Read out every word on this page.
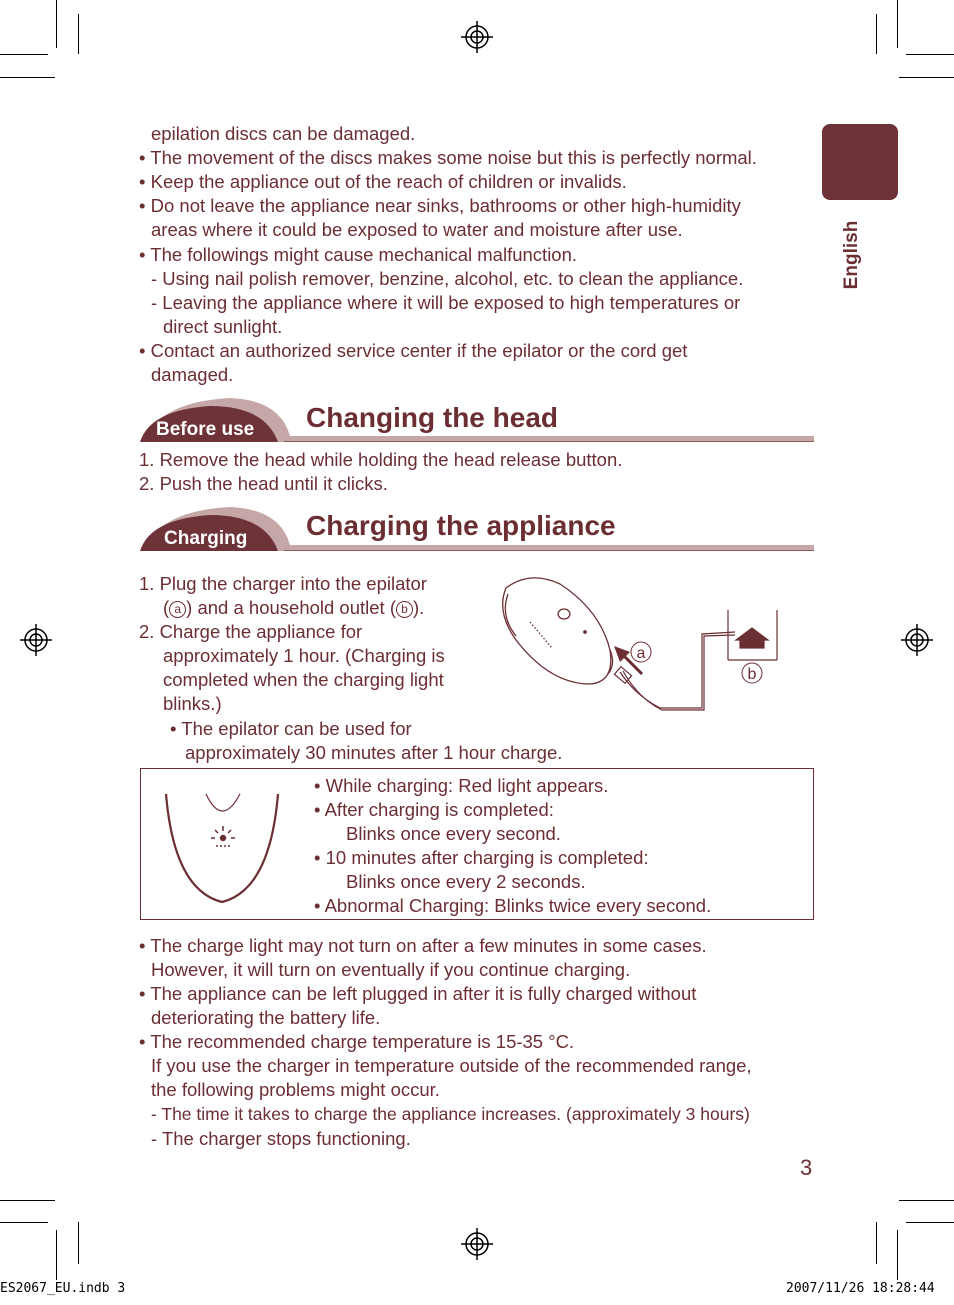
English
epilation discs can be damaged.
• The movement of the discs makes some noise but this is perfectly normal.
• Keep the appliance out of the reach of children or invalids.
• Do not leave the appliance near sinks, bathrooms or other high-humidity
areas where it could be exposed to water and moisture after use.
• The followings might cause mechanical malfunction.
- Using nail polish remover, benzine, alcohol, etc. to clean the appliance.
- Leaving the appliance where it will be exposed to high temperatures or
direct sunlight.
• Contact an authorized service center if the epilator or the cord get
damaged.
Before use Changing the head
1. Remove the head while holding the head release button.
2. Push the head until it clicks.
Charging Charging the appliance
1. Plug the charger into the epilator
( a ) and a household outlet ( b ).
2. Charge the appliance for
approximately 1 hour. (Charging is
completed when the charging light
blinks.)
• The epilator can be used for
approximately 30 minutes after 1 hour charge.
a
b
• While charging: Red light appears.
• After charging is completed:
Blinks once every second.
• 10 minutes after charging is completed:
Blinks once every 2 seconds.
• Abnormal Charging: Blinks twice every second.
• The charge light may not turn on after a few minutes in some cases.
However, it will turn on eventually if you continue charging.
• The appliance can be left plugged in after it is fully charged without
deteriorating the battery life.
• The recommended charge temperature is 15-35 °C.
If you use the charger in temperature outside of the recommended range,
the following problems might occur.
- The time it takes to charge the appliance increases. (approximately 3 hours)
- The charger stops functioning.
3
ES2067_EU.indb 3	2007/11/26 18:28:44
